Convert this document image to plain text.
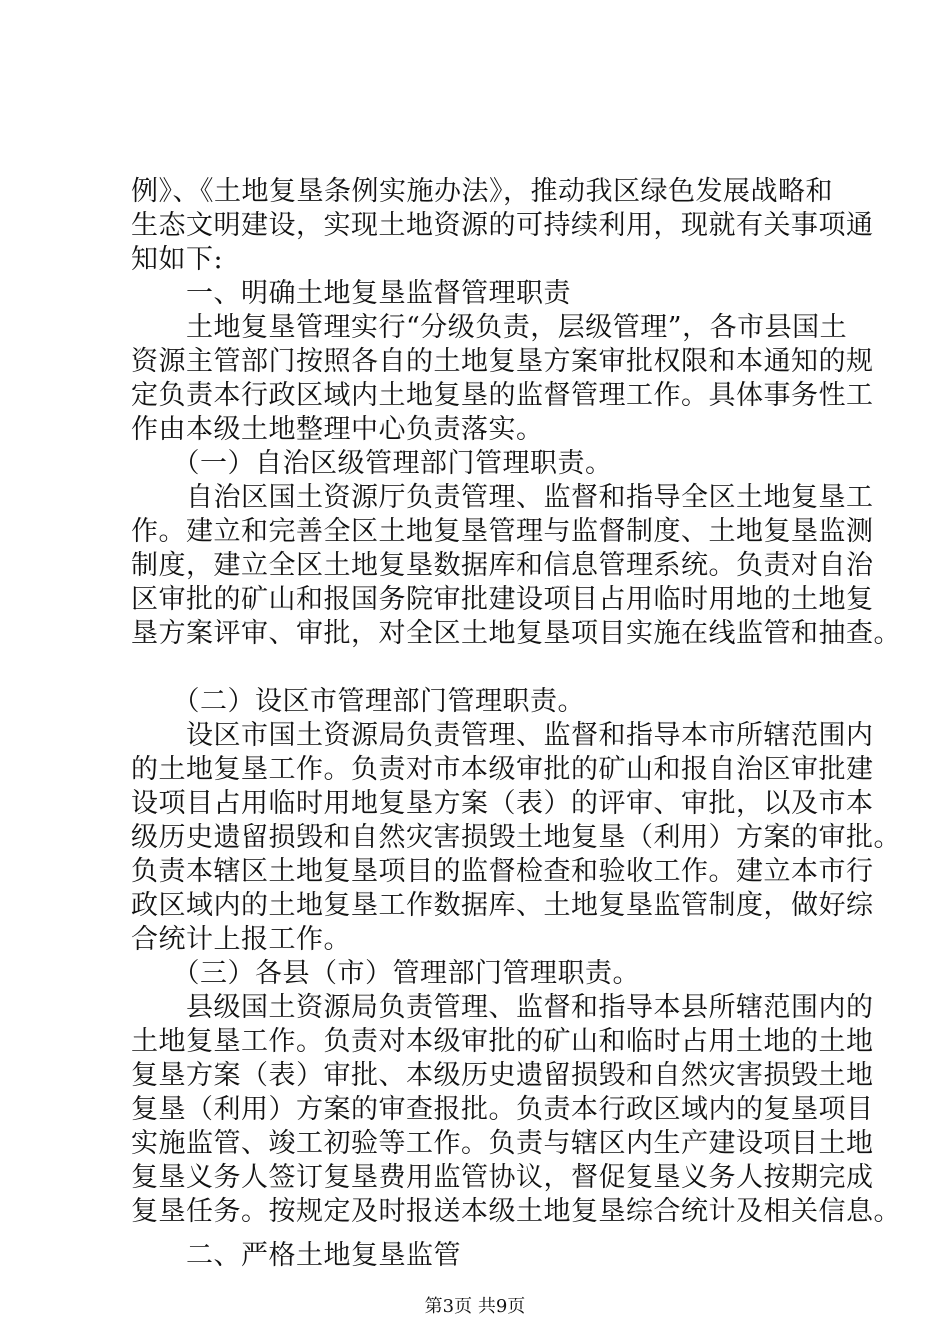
例》、《土地复垦条例实施办法》，推动我区绿色发展战略和
生态文明建设，实现土地资源的可持续利用，现就有关事项通
知如下:
　　一、明确土地复垦监督管理职责
　　土地复垦管理实行“分级负责，层级管理”，各市县国土
资源主管部门按照各自的土地复垦方案审批权限和本通知的规
定负责本行政区域内土地复垦的监督管理工作。具体事务性工
作由本级土地整理中心负责落实。
　　（一）自治区级管理部门管理职责。
　　自治区国土资源厅负责管理、监督和指导全区土地复垦工
作。建立和完善全区土地复垦管理与监督制度、土地复垦监测
制度，建立全区土地复垦数据库和信息管理系统。负责对自治
区审批的矿山和报国务院审批建设项目占用临时用地的土地复
垦方案评审、审批，对全区土地复垦项目实施在线监管和抽查。
　　（二）设区市管理部门管理职责。
　　设区市国土资源局负责管理、监督和指导本市所辖范围内
的土地复垦工作。负责对市本级审批的矿山和报自治区审批建
设项目占用临时用地复垦方案（表）的评审、审批，以及市本
级历史遗留损毁和自然灾害损毁土地复垦（利用）方案的审批。
负责本辖区土地复垦项目的监督检查和验收工作。建立本市行
政区域内的土地复垦工作数据库、土地复垦监管制度，做好综
合统计上报工作。
　　（三）各县（市）管理部门管理职责。
　　县级国土资源局负责管理、监督和指导本县所辖范围内的
土地复垦工作。负责对本级审批的矿山和临时占用土地的土地
复垦方案（表）审批、本级历史遗留损毁和自然灾害损毁土地
复垦（利用）方案的审查报批。负责本行政区域内的复垦项目
实施监管、竣工初验等工作。负责与辖区内生产建设项目土地
复垦义务人签订复垦费用监管协议，督促复垦义务人按期完成
复垦任务。按规定及时报送本级土地复垦综合统计及相关信息。
　　二、严格土地复垦监管
第3页 共9页
